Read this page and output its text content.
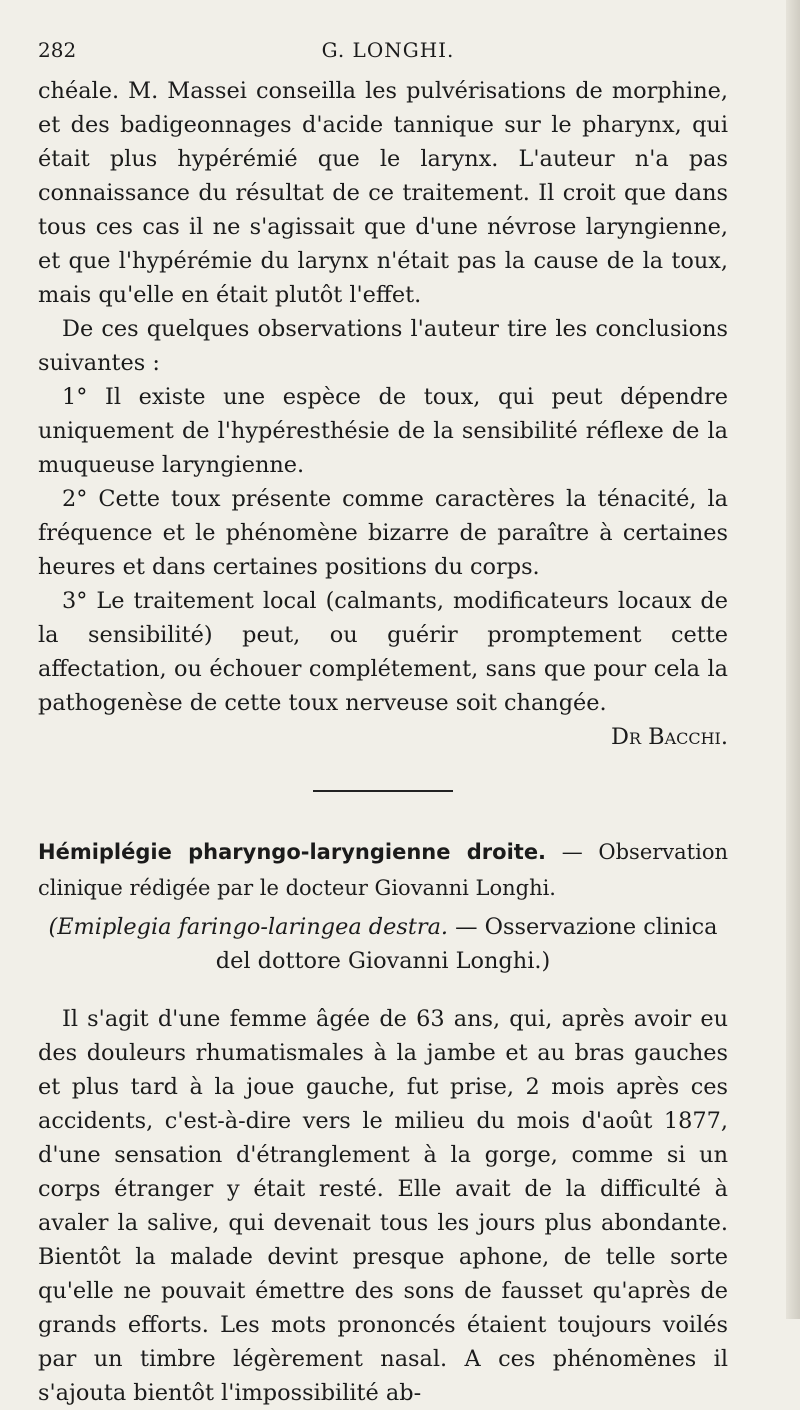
282	G. LONGHI.

chéale. M. Massei conseilla les pulvérisations de morphine, et des badigeonnages d'acide tannique sur le pharynx, qui était plus hypérémié que le larynx. L'auteur n'a pas connaissance du résultat de ce traitement. Il croit que dans tous ces cas il ne s'agissait que d'une névrose laryngienne, et que l'hypérémie du larynx n'était pas la cause de la toux, mais qu'elle en était plutôt l'effet.

De ces quelques observations l'auteur tire les conclusions suivantes :

1° Il existe une espèce de toux, qui peut dépendre uniquement de l'hypéresthésie de la sensibilité réflexe de la muqueuse laryngienne.

2° Cette toux présente comme caractères la ténacité, la fréquence et le phénomène bizarre de paraître à certaines heures et dans certaines positions du corps.

3° Le traitement local (calmants, modificateurs locaux de la sensibilité) peut, ou guérir promptement cette affectation, ou échouer complétement, sans que pour cela la pathogenèse de cette toux nerveuse soit changée.

Dr Bacchi.

Hémiplégie pharyngo-laryngienne droite. — Observation clinique rédigée par le docteur Giovanni Longhi.

(Emiplegia faringo-laringea destra. — Osservazione clinica del dottore Giovanni Longhi.)

Il s'agit d'une femme âgée de 63 ans, qui, après avoir eu des douleurs rhumatismales à la jambe et au bras gauches et plus tard à la joue gauche, fut prise, 2 mois après ces accidents, c'est-à-dire vers le milieu du mois d'août 1877, d'une sensation d'étranglement à la gorge, comme si un corps étranger y était resté. Elle avait de la difficulté à avaler la salive, qui devenait tous les jours plus abondante. Bientôt la malade devint presque aphone, de telle sorte qu'elle ne pouvait émettre des sons de fausset qu'après de grands efforts. Les mots prononcés étaient toujours voilés par un timbre légèrement nasal. A ces phénomènes il s'ajouta bientôt l'impossibilité ab-
